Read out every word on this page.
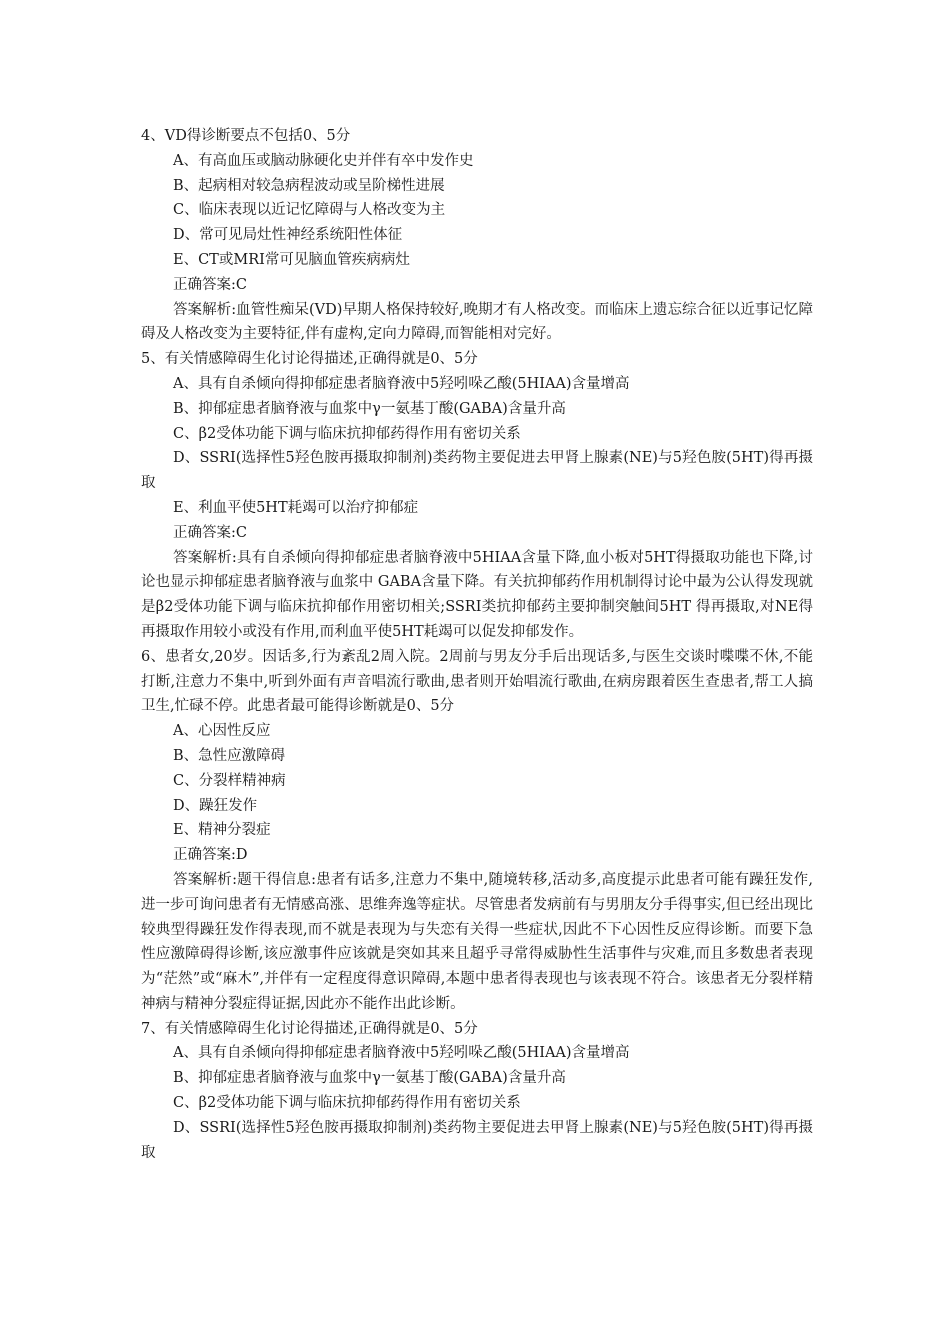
4、VD得诊断要点不包括0、5分

A、有高血压或脑动脉硬化史并伴有卒中发作史

B、起病相对较急病程波动或呈阶梯性进展

C、临床表现以近记忆障碍与人格改变为主

D、常可见局灶性神经系统阳性体征

E、CT或MRI常可见脑血管疾病病灶

正确答案:C

答案解析:血管性痴呆(VD)早期人格保持较好,晚期才有人格改变。而临床上遗忘综合征以近事记忆障碍及人格改变为主要特征,伴有虚构,定向力障碍,而智能相对完好。

5、有关情感障碍生化讨论得描述,正确得就是0、5分

A、具有自杀倾向得抑郁症患者脑脊液中5羟吲哚乙酸(5HIAA)含量增高

B、抑郁症患者脑脊液与血浆中γ一氨基丁酸(GABA)含量升高

C、β2受体功能下调与临床抗抑郁药得作用有密切关系

D、SSRI(选择性5羟色胺再摄取抑制剂)类药物主要促进去甲肾上腺素(NE)与5羟色胺(5HT)得再摄取

E、利血平使5HT耗竭可以治疗抑郁症

正确答案:C

答案解析:具有自杀倾向得抑郁症患者脑脊液中5HIAA含量下降,血小板对5HT得摄取功能也下降,讨论也显示抑郁症患者脑脊液与血浆中 GABA含量下降。有关抗抑郁药作用机制得讨论中最为公认得发现就是β2受体功能下调与临床抗抑郁作用密切相关;SSRI类抗抑郁药主要抑制突触间5HT 得再摄取,对NE得再摄取作用较小或没有作用,而利血平使5HT耗竭可以促发抑郁发作。

6、患者女,20岁。因话多,行为紊乱2周入院。2周前与男友分手后出现话多,与医生交谈时喋喋不休,不能打断,注意力不集中,听到外面有声音唱流行歌曲,患者则开始唱流行歌曲,在病房跟着医生查患者,帮工人搞卫生,忙碌不停。此患者最可能得诊断就是0、5分

A、心因性反应

B、急性应激障碍

C、分裂样精神病

D、躁狂发作

E、精神分裂症

正确答案:D

答案解析:题干得信息:患者有话多,注意力不集中,随境转移,活动多,高度提示此患者可能有躁狂发作,进一步可询问患者有无情感高涨、思维奔逸等症状。尽管患者发病前有与男朋友分手得事实,但已经出现比较典型得躁狂发作得表现,而不就是表现为与失恋有关得一些症状,因此不下心因性反应得诊断。而要下急性应激障碍得诊断,该应激事件应该就是突如其来且超乎寻常得威胁性生活事件与灾难,而且多数患者表现为“茫然”或“麻木”,并伴有一定程度得意识障碍,本题中患者得表现也与该表现不符合。该患者无分裂样精神病与精神分裂症得证据,因此亦不能作出此诊断。

7、有关情感障碍生化讨论得描述,正确得就是0、5分

A、具有自杀倾向得抑郁症患者脑脊液中5羟吲哚乙酸(5HIAA)含量增高

B、抑郁症患者脑脊液与血浆中γ一氨基丁酸(GABA)含量升高

C、β2受体功能下调与临床抗抑郁药得作用有密切关系

D、SSRI(选择性5羟色胺再摄取抑制剂)类药物主要促进去甲肾上腺素(NE)与5羟色胺(5HT)得再摄取
